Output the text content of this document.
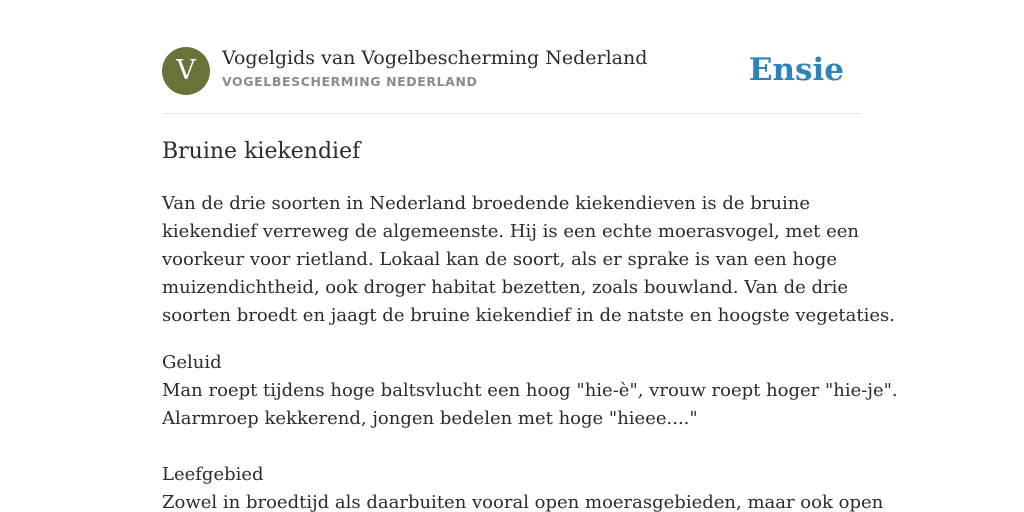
V	Vogelgids van Vogelbescherming Nederland
VOGELBESCHERMING NEDERLAND	Ensie
Bruine kiekendief

Van de drie soorten in Nederland broedende kiekendieven is de bruine
kiekendief verreweg de algemeenste. Hij is een echte moerasvogel, met een
voorkeur voor rietland. Lokaal kan de soort, als er sprake is van een hoge
muizendichtheid, ook droger habitat bezetten, zoals bouwland. Van de drie
soorten broedt en jaagt de bruine kiekendief in de natste en hoogste vegetaties.

Geluid
Man roept tijdens hoge baltsvlucht een hoog "hie-è", vrouw roept hoger "hie-je".
Alarmroep kekkerend, jongen bedelen met hoge "hieee...."
Leefgebied
Zowel in broedtijd als daarbuiten vooral open moerasgebieden, maar ook open
